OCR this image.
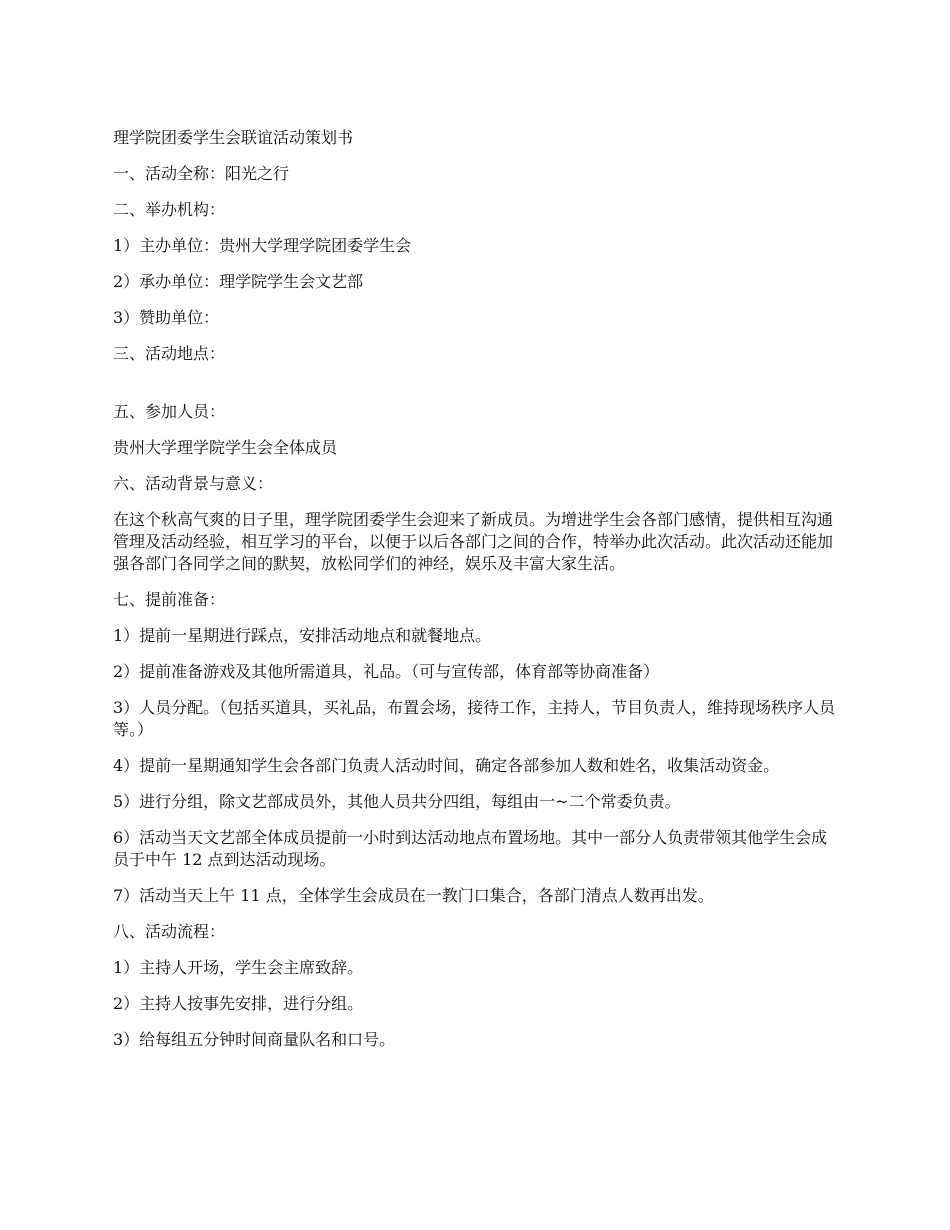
理学院团委学生会联谊活动策划书

一、活动全称：阳光之行

二、举办机构：

1）主办单位：贵州大学理学院团委学生会

2）承办单位：理学院学生会文艺部

3）赞助单位：

三、活动地点：

五、参加人员：

贵州大学理学院学生会全体成员

六、活动背景与意义：

在这个秋高气爽的日子里，理学院团委学生会迎来了新成员。为增进学生会各部门感情，提供相互沟通管理及活动经验，相互学习的平台，以便于以后各部门之间的合作，特举办此次活动。此次活动还能加强各部门各同学之间的默契，放松同学们的神经，娱乐及丰富大家生活。

七、提前准备：

1）提前一星期进行踩点，安排活动地点和就餐地点。

2）提前准备游戏及其他所需道具，礼品。（可与宣传部，体育部等协商准备）

3）人员分配。（包括买道具，买礼品，布置会场，接待工作，主持人，节目负责人，维持现场秩序人员等。）

4）提前一星期通知学生会各部门负责人活动时间，确定各部参加人数和姓名，收集活动资金。

5）进行分组，除文艺部成员外，其他人员共分四组，每组由一~二个常委负责。

6）活动当天文艺部全体成员提前一小时到达活动地点布置场地。其中一部分人负责带领其他学生会成员于中午 12 点到达活动现场。

7）活动当天上午 11 点，全体学生会成员在一教门口集合，各部门清点人数再出发。

八、活动流程：

1）主持人开场，学生会主席致辞。

2）主持人按事先安排，进行分组。

3）给每组五分钟时间商量队名和口号。
